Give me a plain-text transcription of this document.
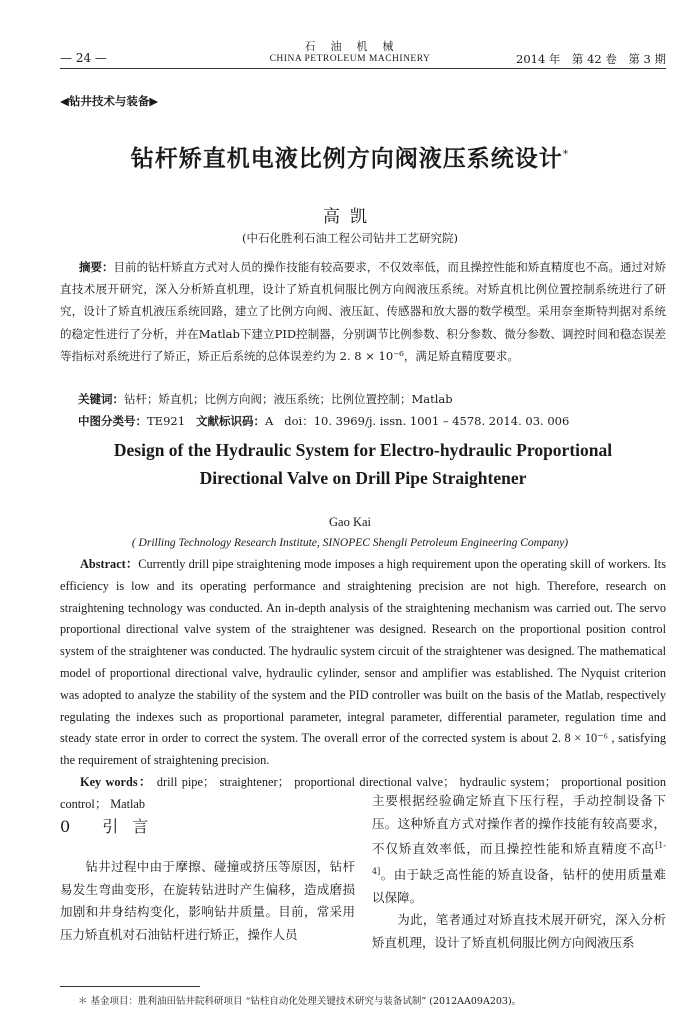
石　油　机　械
CHINA PETROLEUM MACHINERY
— 24 —	2014 年　第 42 卷　第 3 期
◀钻井技术与装备▶
钻杆矫直机电液比例方向阀液压系统设计*
高凯
(中石化胜利石油工程公司钻井工艺研究院)
摘要：目前的钻杆矫直方式对人员的操作技能有较高要求，不仅效率低，而且操控性能和矫直精度也不高。通过对矫直技术展开研究，深入分析矫直机理，设计了矫直机伺服比例方向阀液压系统。对矫直机比例位置控制系统进行了研究，设计了矫直机液压系统回路，建立了比例方向阀、液压缸、传感器和放大器的数学模型。采用奈奎斯特判据对系统的稳定性进行了分析，并在Matlab下建立PID控制器，分别调节比例参数、积分参数、微分参数、调控时间和稳态误差等指标对系统进行了矫正，矫正后系统的总体误差约为 2. 8 × 10⁻⁶，满足矫直精度要求。
关键词：钻杆；矫直机；比例方向阀；液压系统；比例位置控制；Matlab
中图分类号：TE921 文献标识码：A doi：10. 3969/j. issn. 1001 – 4578. 2014. 03. 006
Design of the Hydraulic System for Electro-hydraulic Proportional
Directional Valve on Drill Pipe Straightener
Gao Kai
( Drilling Technology Research Institute, SINOPEC Shengli Petroleum Engineering Company)
Abstract：Currently drill pipe straightening mode imposes a high requirement upon the operating skill of workers. Its efficiency is low and its operating performance and straightening precision are not high. Therefore, research on straightening technology was conducted. An in-depth analysis of the straightening mechanism was carried out. The servo proportional directional valve system of the straightener was designed. Research on the proportional position control system of the straightener was conducted. The hydraulic system circuit of the straightener was designed. The mathematical model of proportional directional valve, hydraulic cylinder, sensor and amplifier was established. The Nyquist criterion was adopted to analyze the stability of the system and the PID controller was built on the basis of the Matlab, respectively regulating the indexes such as proportional parameter, integral parameter, differential parameter, regulation time and steady state error in order to correct the system. The overall error of the corrected system is about 2. 8 × 10⁻⁶ , satisfying the requirement of straightening precision.
Key words： drill pipe； straightener； proportional directional valve； hydraulic system； proportional position control； Matlab
0 引言
钻井过程中由于摩擦、碰撞或挤压等原因，钻杆易发生弯曲变形，在旋转钻进时产生偏移，造成磨损加剧和井身结构变化，影响钻井质量。目前，常采用压力矫直机对石油钻杆进行矫正，操作人员
主要根据经验确定矫直下压行程，手动控制设备下压。这种矫直方式对操作者的操作技能有较高要求，不仅矫直效率低，而且操控性能和矫直精度不高[1-4]。由于缺乏高性能的矫直设备，钻杆的使用质量难以保障。
为此，笔者通过对矫直技术展开研究，深入分析矫直机理，设计了矫直机伺服比例方向阀液压系
＊ 基金项目：胜利油田钻井院科研项目 “钻柱自动化处理关键技术研究与装备试制” (2012AA09A203)。
